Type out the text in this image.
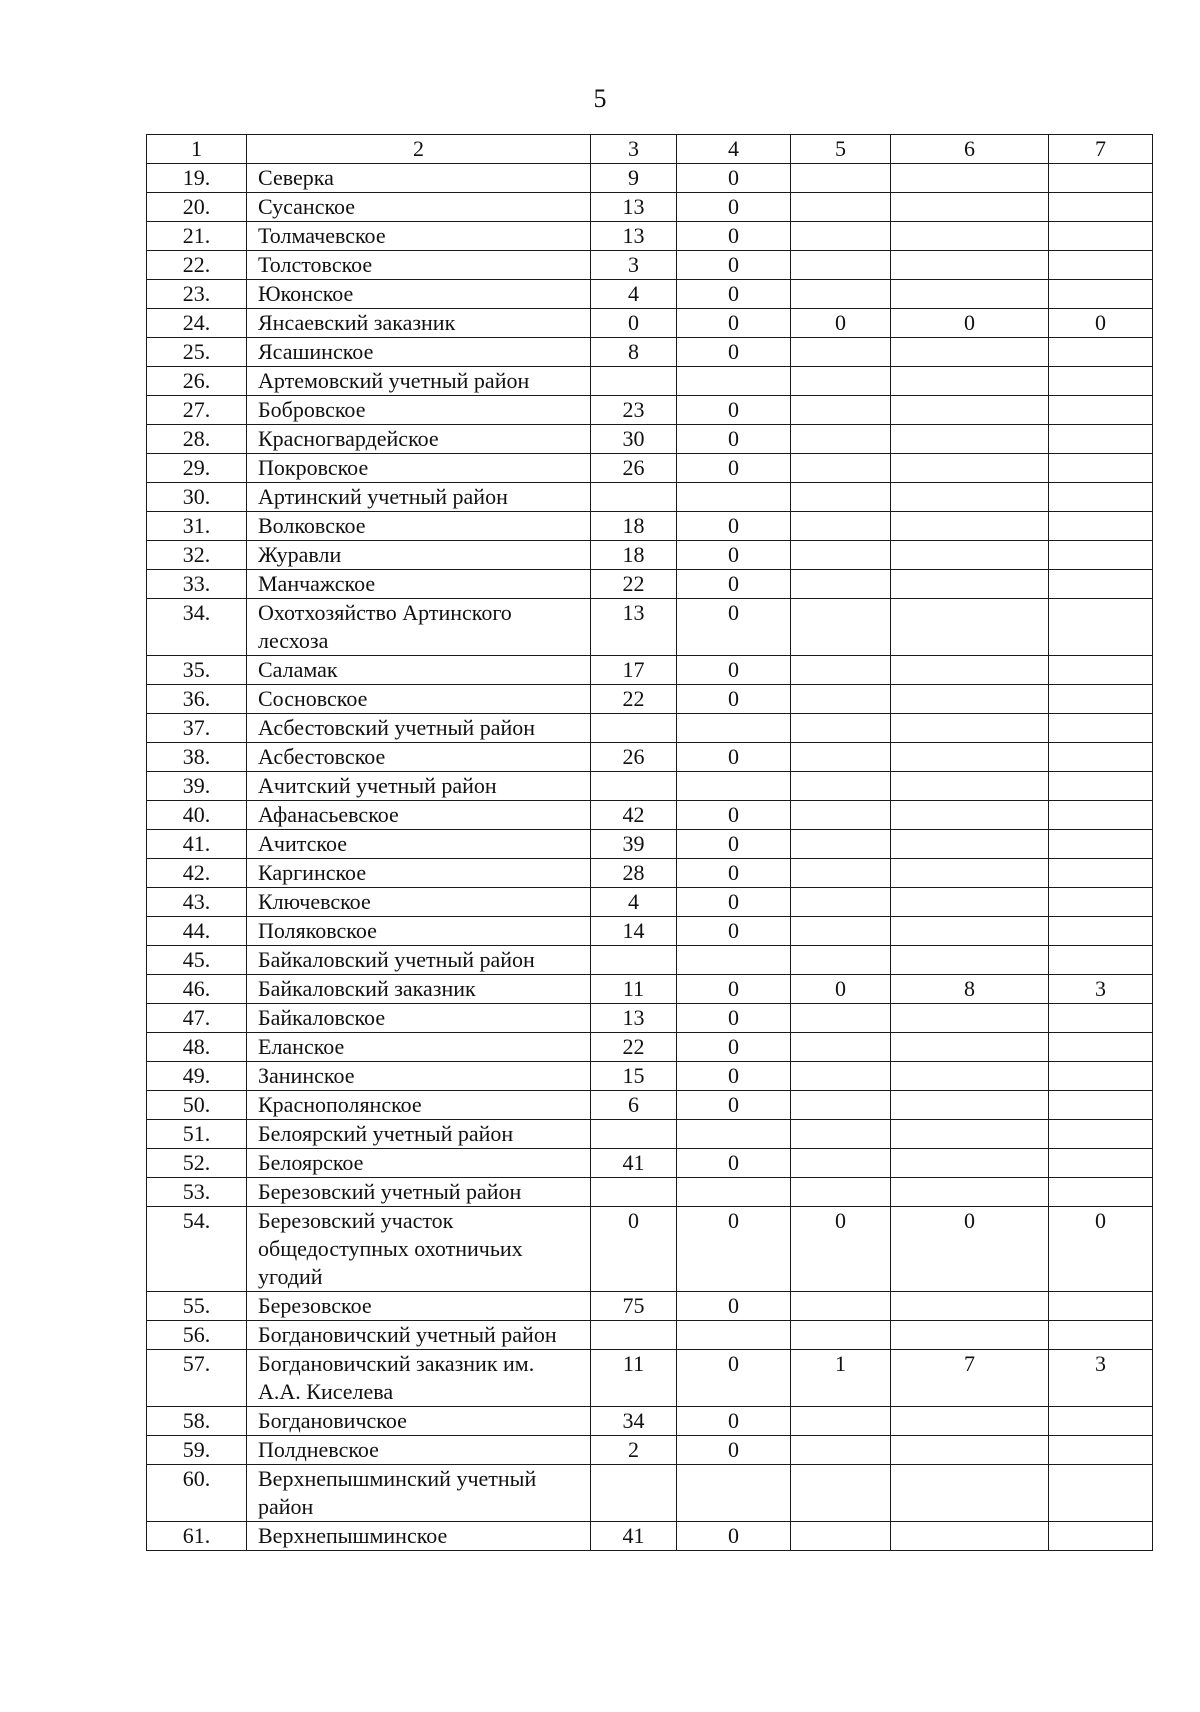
5
1	2	3	4	5	6	7
19.	Северка	9	0			
20.	Сусанское	13	0			
21.	Толмачевское	13	0			
22.	Толстовское	3	0			
23.	Юконское	4	0			
24.	Янсаевский заказник	0	0	0	0	0
25.	Ясашинское	8	0			
26.	Артемовский учетный район					
27.	Бобровское	23	0			
28.	Красногвардейское	30	0			
29.	Покровское	26	0			
30.	Артинский учетный район					
31.	Волковское	18	0			
32.	Журавли	18	0			
33.	Манчажское	22	0			
34.	Охотхозяйство Артинского лесхоза	13	0			
35.	Саламак	17	0			
36.	Сосновское	22	0			
37.	Асбестовский учетный район					
38.	Асбестовское	26	0			
39.	Ачитский учетный район					
40.	Афанасьевское	42	0			
41.	Ачитское	39	0			
42.	Каргинское	28	0			
43.	Ключевское	4	0			
44.	Поляковское	14	0			
45.	Байкаловский учетный район					
46.	Байкаловский заказник	11	0	0	8	3
47.	Байкаловское	13	0			
48.	Еланское	22	0			
49.	Занинское	15	0			
50.	Краснополянское	6	0			
51.	Белоярский учетный район					
52.	Белоярское	41	0			
53.	Березовский учетный район					
54.	Березовский участок общедоступных охотничьих угодий	0	0	0	0	0
55.	Березовское	75	0			
56.	Богдановичский учетный район					
57.	Богдановичский заказник им. А.А. Киселева	11	0	1	7	3
58.	Богдановичское	34	0			
59.	Полдневское	2	0			
60.	Верхнепышминский учетный район					
61.	Верхнепышминское	41	0			
